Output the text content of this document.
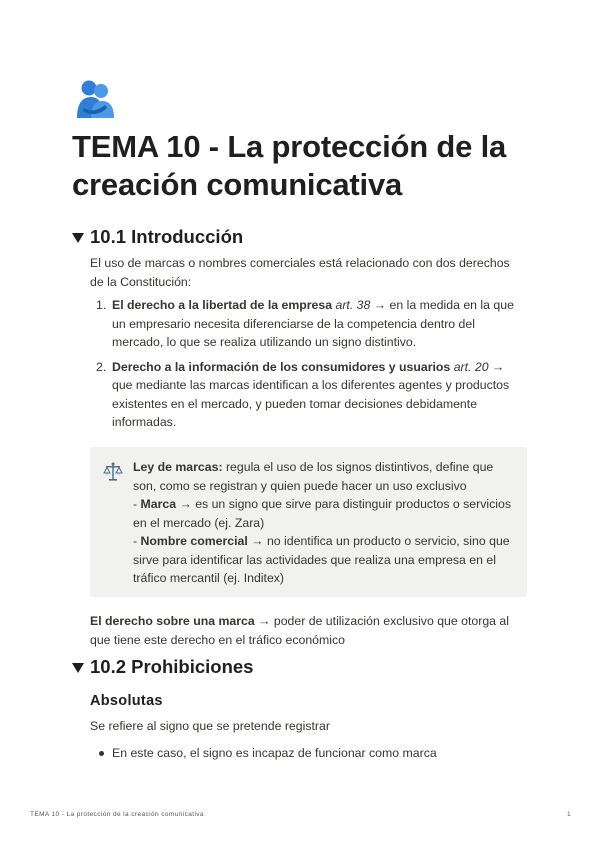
TEMA 10 - La protección de la creación comunicativa
10.1 Introducción

El uso de marcas o nombres comerciales está relacionado con dos derechos de la Constitución:

1. El derecho a la libertad de la empresa art. 38 → en la medida en la que un empresario necesita diferenciarse de la competencia dentro del mercado, lo que se realiza utilizando un signo distintivo.
2. Derecho a la información de los consumidores y usuarios art. 20 → que mediante las marcas identifican a los diferentes agentes y productos existentes en el mercado, y pueden tomar decisiones debidamente informadas.
Ley de marcas: regula el uso de los signos distintivos, define que son, como se registran y quien puede hacer un uso exclusivo
- Marca → es un signo que sirve para distinguir productos o servicios en el mercado (ej. Zara)
- Nombre comercial → no identifica un producto o servicio, sino que sirve para identificar las actividades que realiza una empresa en el tráfico mercantil (ej. Inditex)

El derecho sobre una marca → poder de utilización exclusivo que otorga al que tiene este derecho en el tráfico económico

10.2 Prohibiciones
Absolutas

Se refiere al signo que se pretende registrar

En este caso, el signo es incapaz de funcionar como marca
TEMA 10 - La protección de la creación comunicativa	1
